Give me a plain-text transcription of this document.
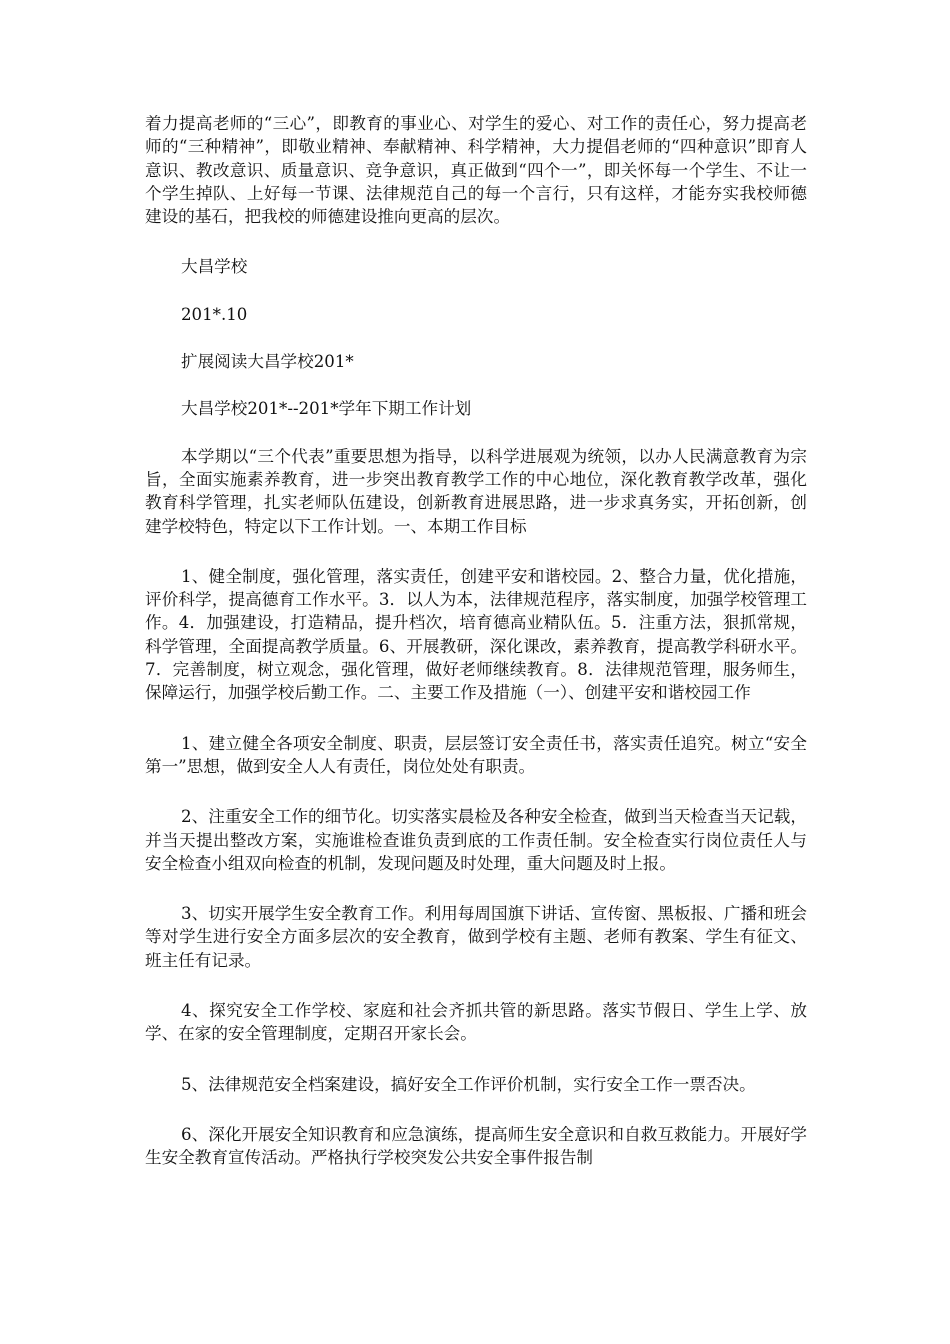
着力提高老师的“三心”，即教育的事业心、对学生的爱心、对工作的责任心，努力提高老师的“三种精神”，即敬业精神、奉献精神、科学精神，大力提倡老师的“四种意识”即育人意识、教改意识、质量意识、竞争意识，真正做到“四个一”，即关怀每一个学生、不让一个学生掉队、上好每一节课、法律规范自己的每一个言行，只有这样，才能夯实我校师德建设的基石，把我校的师德建设推向更高的层次。

大昌学校

201*.10

扩展阅读大昌学校201*

大昌学校201*--201*学年下期工作计划

本学期以“三个代表”重要思想为指导，以科学进展观为统领，以办人民满意教育为宗旨，全面实施素养教育，进一步突出教育教学工作的中心地位，深化教育教学改革，强化教育科学管理，扎实老师队伍建设，创新教育进展思路，进一步求真务实，开拓创新，创建学校特色，特定以下工作计划。一、本期工作目标

1、健全制度，强化管理，落实责任，创建平安和谐校园。2、整合力量，优化措施，评价科学，提高德育工作水平。3．以人为本，法律规范程序，落实制度，加强学校管理工作。4．加强建设，打造精品，提升档次，培育德高业精队伍。5．注重方法，狠抓常规，科学管理，全面提高教学质量。6、开展教研，深化课改，素养教育，提高教学科研水平。7．完善制度，树立观念，强化管理，做好老师继续教育。8．法律规范管理，服务师生，保障运行，加强学校后勤工作。二、主要工作及措施（一）、创建平安和谐校园工作

1、建立健全各项安全制度、职责，层层签订安全责任书，落实责任追究。树立“安全第一”思想，做到安全人人有责任，岗位处处有职责。

2、注重安全工作的细节化。切实落实晨检及各种安全检查，做到当天检查当天记载，并当天提出整改方案，实施谁检查谁负责到底的工作责任制。安全检查实行岗位责任人与安全检查小组双向检查的机制，发现问题及时处理，重大问题及时上报。

3、切实开展学生安全教育工作。利用每周国旗下讲话、宣传窗、黑板报、广播和班会等对学生进行安全方面多层次的安全教育，做到学校有主题、老师有教案、学生有征文、班主任有记录。

4、探究安全工作学校、家庭和社会齐抓共管的新思路。落实节假日、学生上学、放学、在家的安全管理制度，定期召开家长会。

5、法律规范安全档案建设，搞好安全工作评价机制，实行安全工作一票否决。

6、深化开展安全知识教育和应急演练，提高师生安全意识和自救互救能力。开展好学生安全教育宣传活动。严格执行学校突发公共安全事件报告制
